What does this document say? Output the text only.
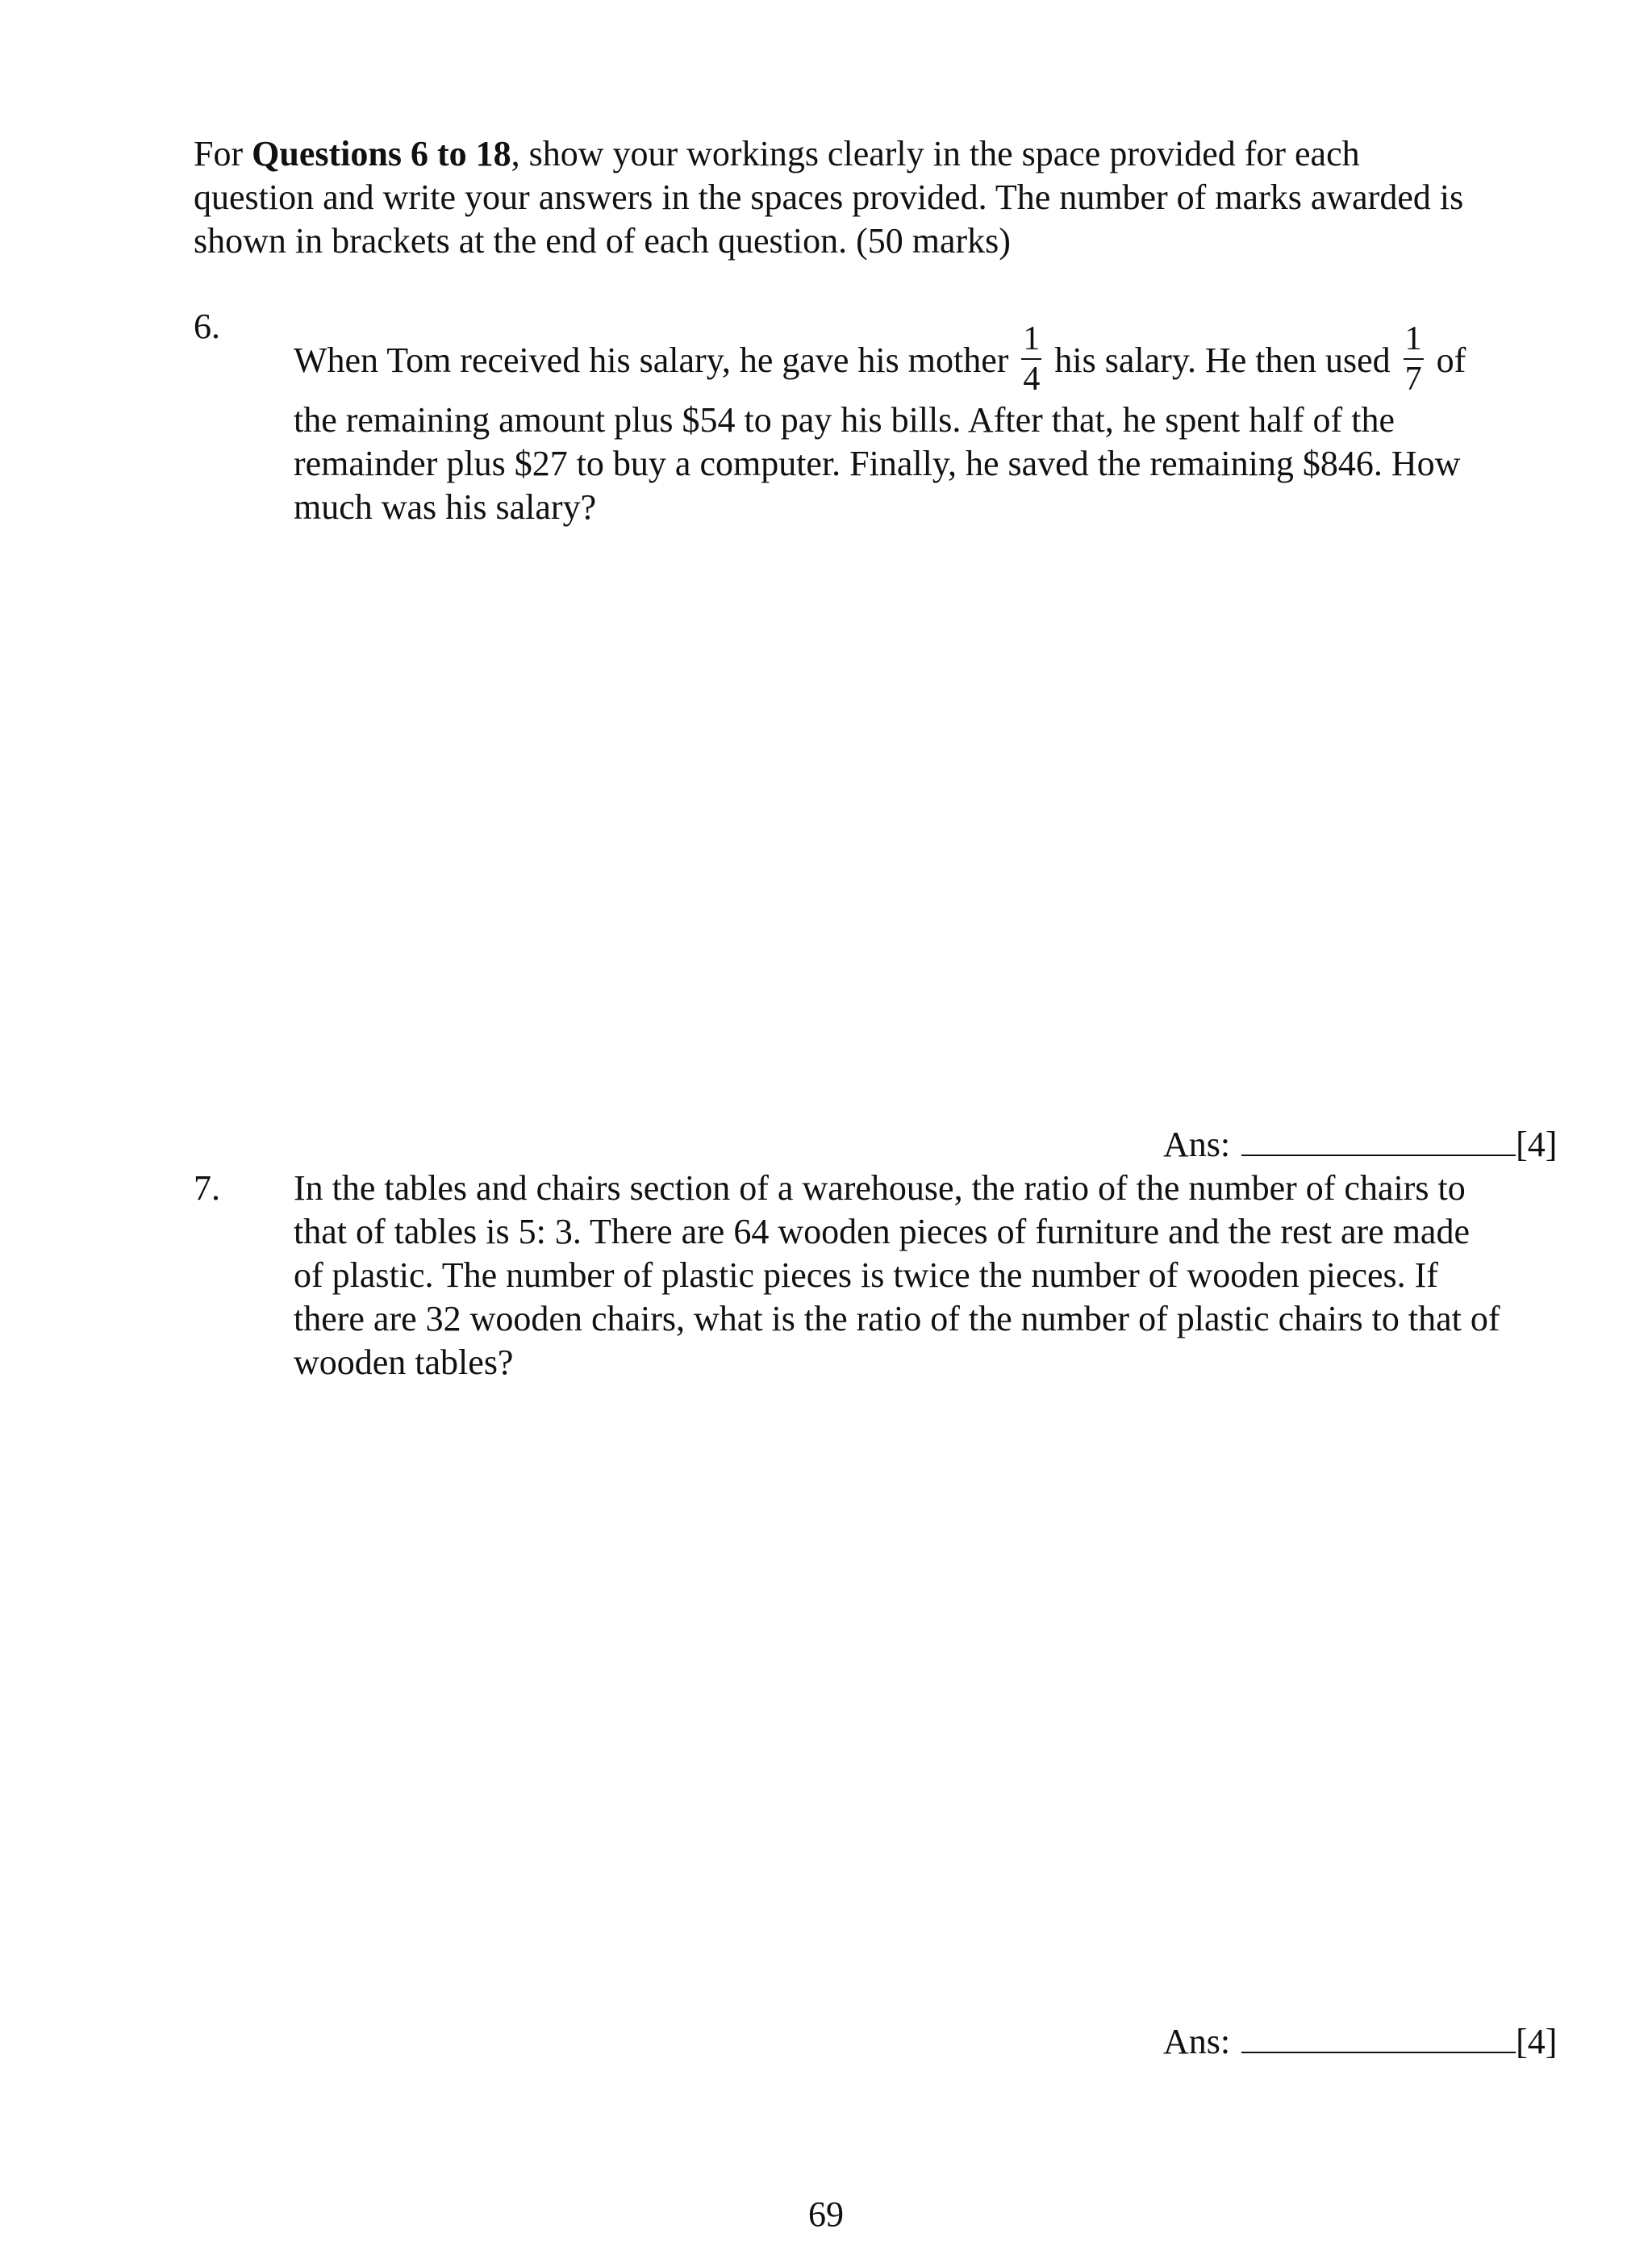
For Questions 6 to 18, show your workings clearly in the space provided for each
question and write your answers in the spaces provided. The number of marks awarded is
shown in brackets at the end of each question. (50 marks)
6.
When Tom received his salary, he gave his mother $\frac{1}{4}$ his salary. He then used $\frac{1}{7}$ of
the remaining amount plus $54 to pay his bills. After that, he spent half of the
remainder plus $27 to buy a computer. Finally, he saved the remaining $846. How
much was his salary?
Ans:	[4]
7. In the tables and chairs section of a warehouse, the ratio of the number of chairs to
that of tables is 5: 3. There are 64 wooden pieces of furniture and the rest are made
of plastic. The number of plastic pieces is twice the number of wooden pieces. If
there are 32 wooden chairs, what is the ratio of the number of plastic chairs to that of
wooden tables?
Ans:	[4]
69
